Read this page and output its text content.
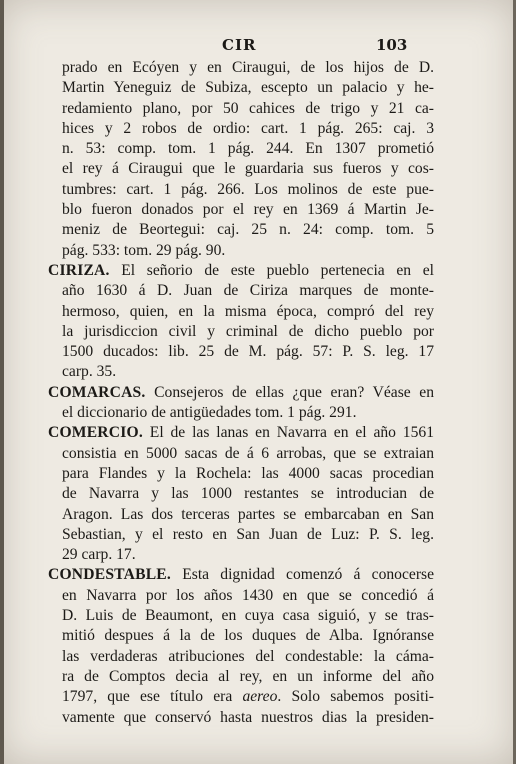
CIR	103
prado en Ecóyen y en Ciraugui, de los hijos de D.
Martin Yeneguiz de Subiza, escepto un palacio y he-
redamiento plano, por 50 cahices de trigo y 21 ca-
hices y 2 robos de ordio: cart. 1 pág. 265: caj. 3
n. 53: comp. tom. 1 pág. 244. En 1307 prometió
el rey á Ciraugui que le guardaria sus fueros y cos-
tumbres: cart. 1 pág. 266. Los molinos de este pue-
blo fueron donados por el rey en 1369 á Martin Je-
meniz de Beortegui: caj. 25 n. 24: comp. tom. 5
pág. 533: tom. 29 pág. 90.
CIRIZA. El señorio de este pueblo pertenecia en el
año 1630 á D. Juan de Ciriza marques de monte-
hermoso, quien, en la misma época, compró del rey
la jurisdiccion civil y criminal de dicho pueblo por
1500 ducados: lib. 25 de M. pág. 57: P. S. leg. 17
carp. 35.
COMARCAS. Consejeros de ellas ¿que eran? Véase en
el diccionario de antigüedades tom. 1 pág. 291.
COMERCIO. El de las lanas en Navarra en el año 1561
consistia en 5000 sacas de á 6 arrobas, que se extraian
para Flandes y la Rochela: las 4000 sacas procedian
de Navarra y las 1000 restantes se introducian de
Aragon. Las dos terceras partes se embarcaban en San
Sebastian, y el resto en San Juan de Luz: P. S. leg.
29 carp. 17.
CONDESTABLE. Esta dignidad comenzó á conocerse
en Navarra por los años 1430 en que se concedió á
D. Luis de Beaumont, en cuya casa siguió, y se tras-
mitió despues á la de los duques de Alba. Ignóranse
las verdaderas atribuciones del condestable: la cáma-
ra de Comptos decia al rey, en un informe del año
1797, que ese título era aereo. Solo sabemos positi-
vamente que conservó hasta nuestros dias la presiden-
